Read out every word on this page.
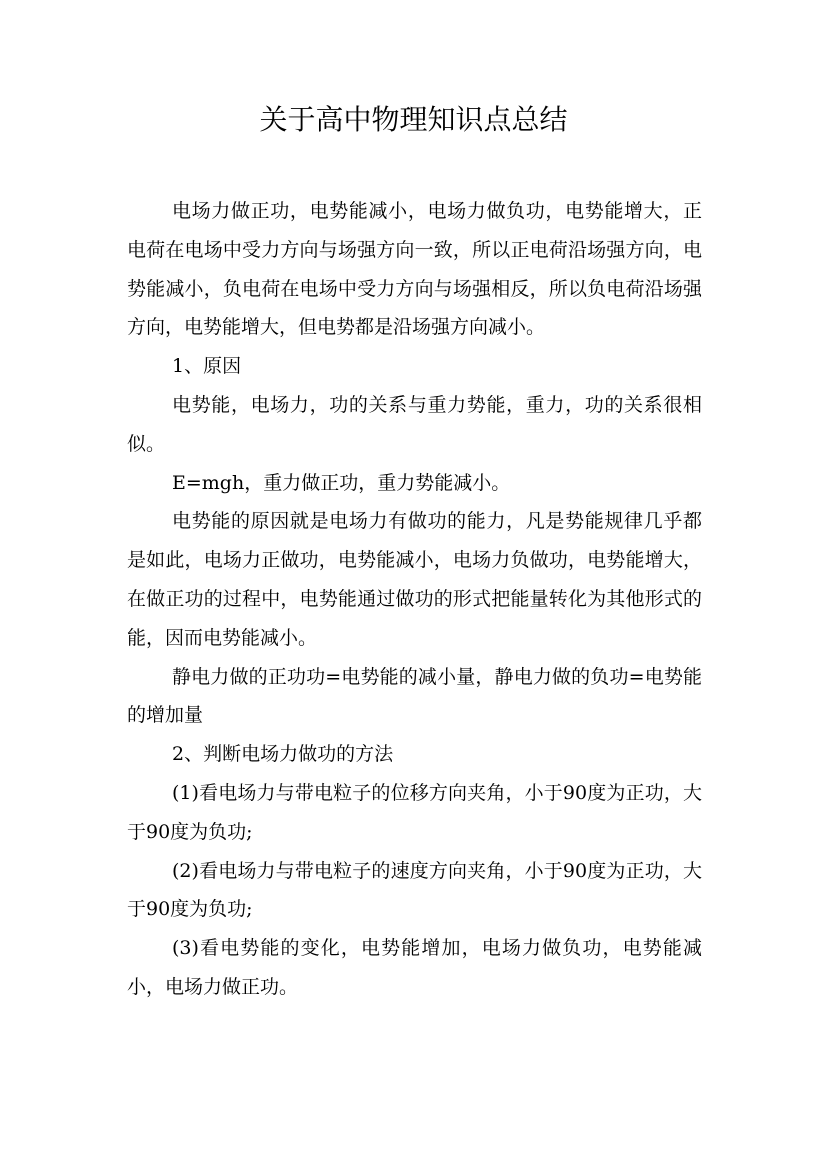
关于高中物理知识点总结

电场力做正功，电势能减小，电场力做负功，电势能增大，正电荷在电场中受力方向与场强方向一致，所以正电荷沿场强方向，电势能减小，负电荷在电场中受力方向与场强相反，所以负电荷沿场强方向，电势能增大，但电势都是沿场强方向减小。

1、原因

电势能，电场力，功的关系与重力势能，重力，功的关系很相似。

E=mgh，重力做正功，重力势能减小。

电势能的原因就是电场力有做功的能力，凡是势能规律几乎都是如此，电场力正做功，电势能减小，电场力负做功，电势能增大，在做正功的过程中，电势能通过做功的形式把能量转化为其他形式的能，因而电势能减小。

静电力做的正功功=电势能的减小量，静电力做的负功=电势能的增加量

2、判断电场力做功的方法

(1)看电场力与带电粒子的位移方向夹角，小于90度为正功，大于90度为负功;

(2)看电场力与带电粒子的速度方向夹角，小于90度为正功，大于90度为负功;

(3)看电势能的变化，电势能增加，电场力做负功，电势能减小，电场力做正功。
